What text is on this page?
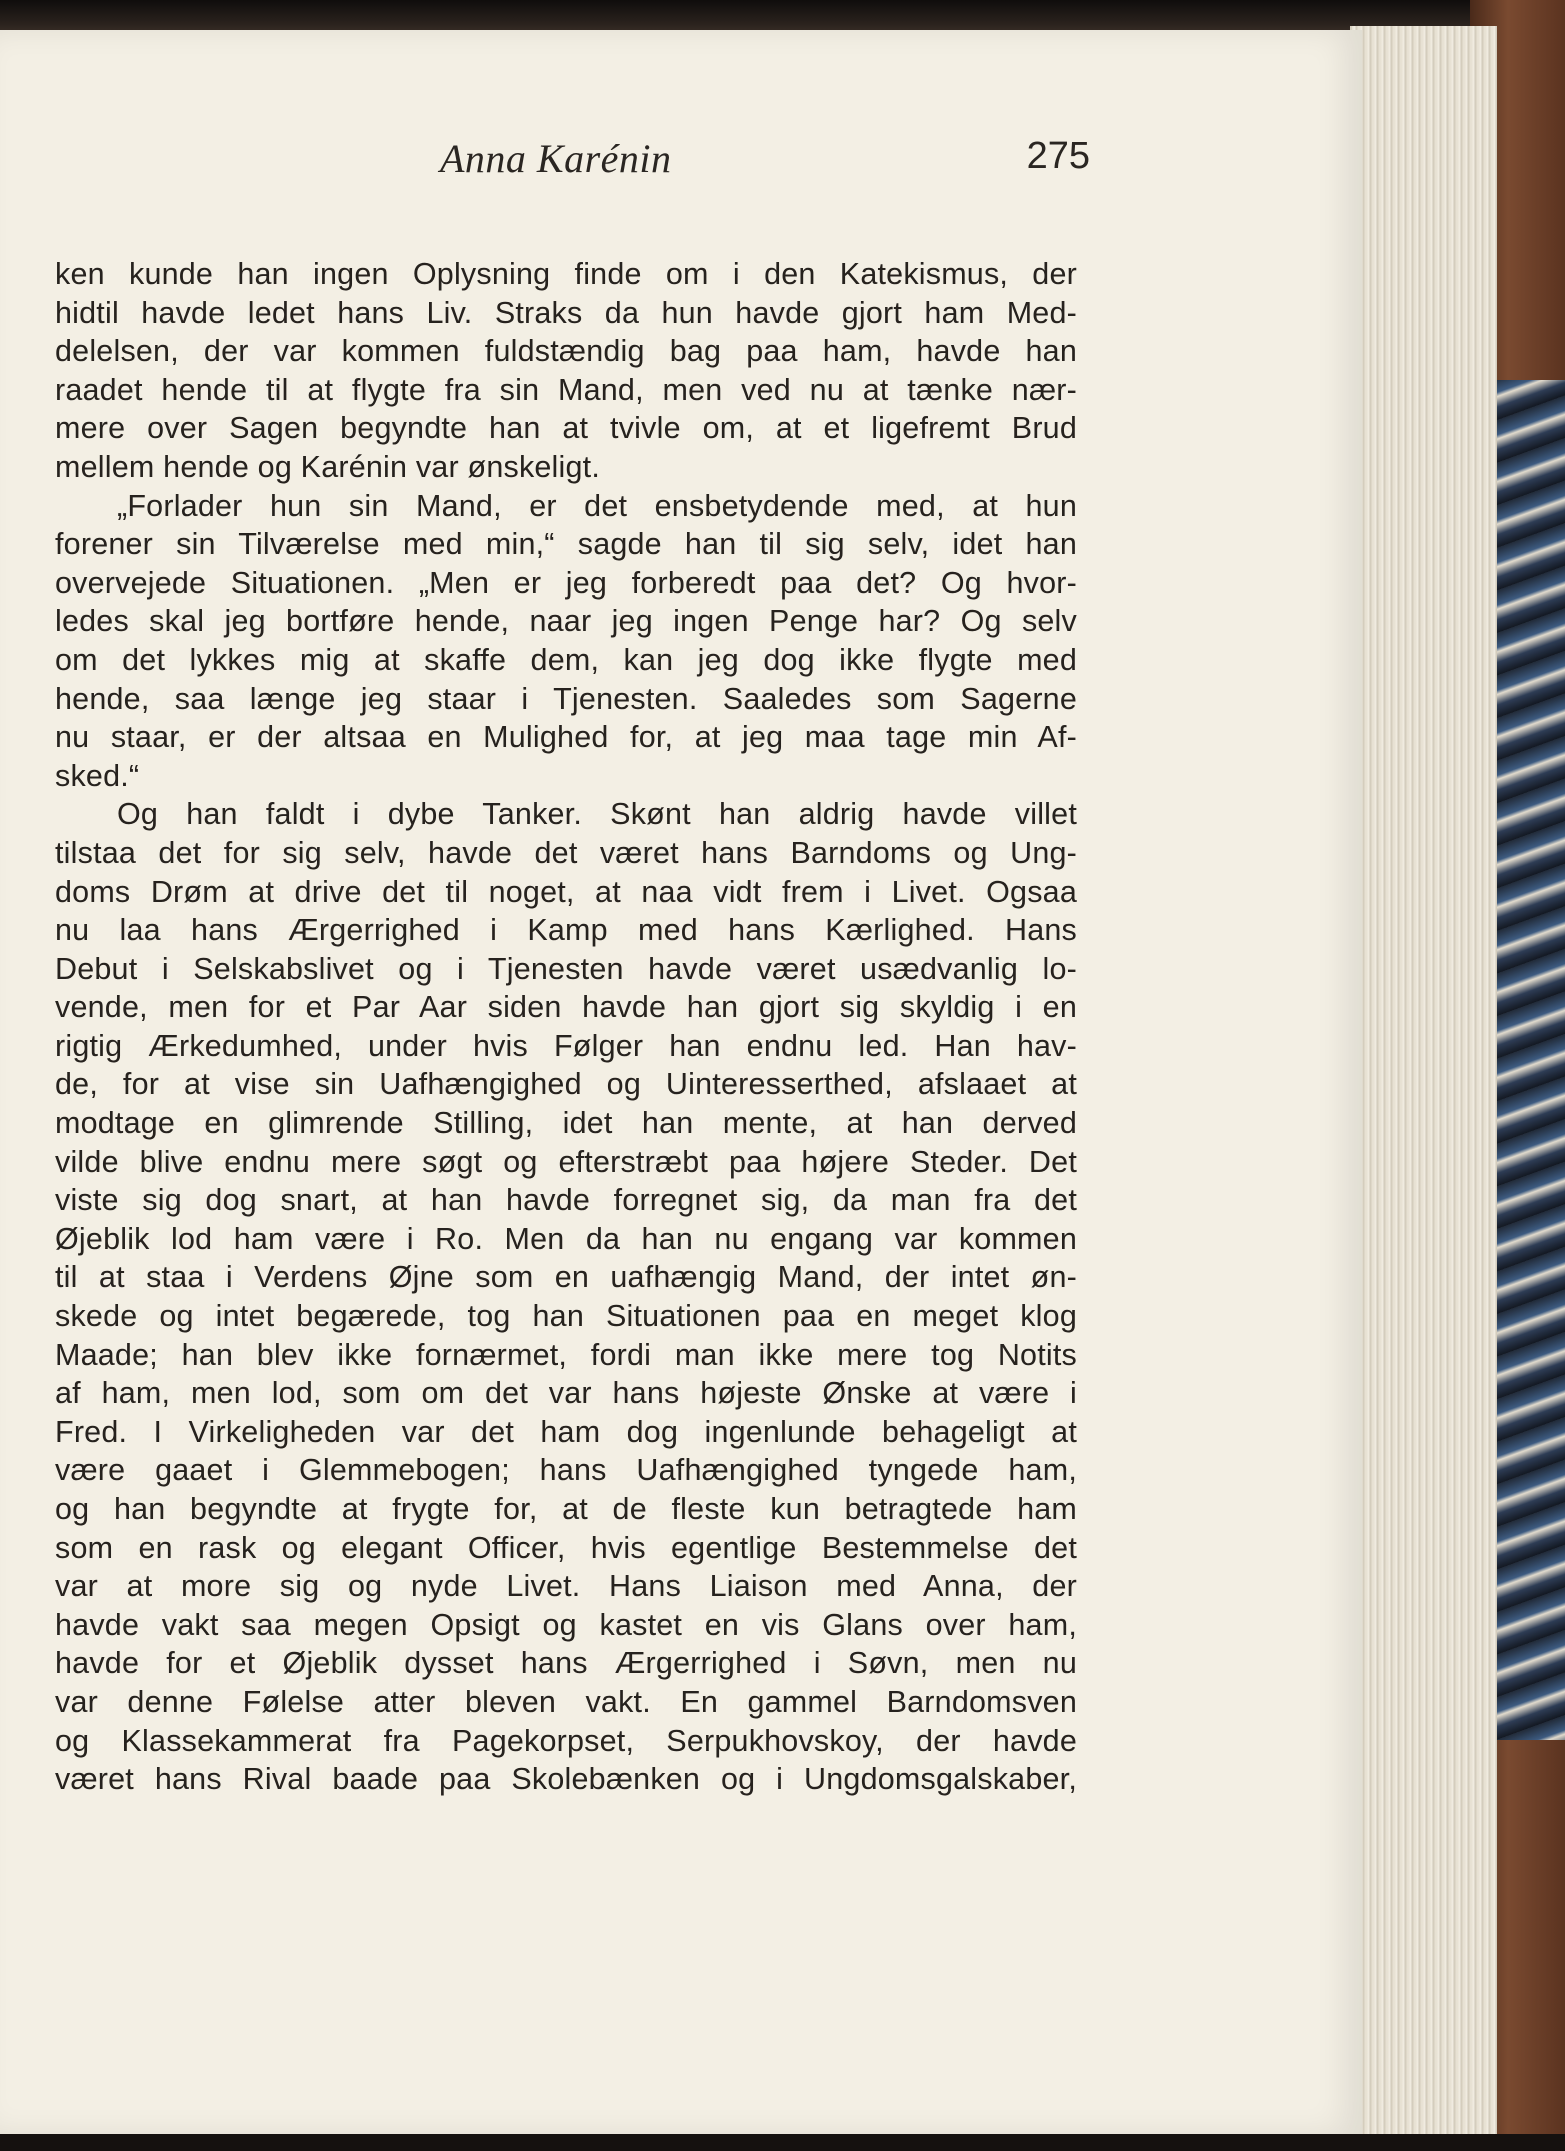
Anna Karénin	275
ken kunde han ingen Oplysning finde om i den Katekismus, der
hidtil havde ledet hans Liv. Straks da hun havde gjort ham Med-
delelsen, der var kommen fuldstændig bag paa ham, havde han
raadet hende til at flygte fra sin Mand, men ved nu at tænke nær-
mere over Sagen begyndte han at tvivle om, at et ligefremt Brud
mellem hende og Karénin var ønskeligt.
„Forlader hun sin Mand, er det ensbetydende med, at hun
forener sin Tilværelse med min,“ sagde han til sig selv, idet han
overvejede Situationen. „Men er jeg forberedt paa det? Og hvor-
ledes skal jeg bortføre hende, naar jeg ingen Penge har? Og selv
om det lykkes mig at skaffe dem, kan jeg dog ikke flygte med
hende, saa længe jeg staar i Tjenesten. Saaledes som Sagerne
nu staar, er der altsaa en Mulighed for, at jeg maa tage min Af-
sked.“
Og han faldt i dybe Tanker. Skønt han aldrig havde villet
tilstaa det for sig selv, havde det været hans Barndoms og Ung-
doms Drøm at drive det til noget, at naa vidt frem i Livet. Ogsaa
nu laa hans Ærgerrighed i Kamp med hans Kærlighed. Hans
Debut i Selskabslivet og i Tjenesten havde været usædvanlig lo-
vende, men for et Par Aar siden havde han gjort sig skyldig i en
rigtig Ærkedumhed, under hvis Følger han endnu led. Han hav-
de, for at vise sin Uafhængighed og Uinteresserthed, afslaaet at
modtage en glimrende Stilling, idet han mente, at han derved
vilde blive endnu mere søgt og efterstræbt paa højere Steder. Det
viste sig dog snart, at han havde forregnet sig, da man fra det
Øjeblik lod ham være i Ro. Men da han nu engang var kommen
til at staa i Verdens Øjne som en uafhængig Mand, der intet øn-
skede og intet begærede, tog han Situationen paa en meget klog
Maade; han blev ikke fornærmet, fordi man ikke mere tog Notits
af ham, men lod, som om det var hans højeste Ønske at være i
Fred. I Virkeligheden var det ham dog ingenlunde behageligt at
være gaaet i Glemmebogen; hans Uafhængighed tyngede ham,
og han begyndte at frygte for, at de fleste kun betragtede ham
som en rask og elegant Officer, hvis egentlige Bestemmelse det
var at more sig og nyde Livet. Hans Liaison med Anna, der
havde vakt saa megen Opsigt og kastet en vis Glans over ham,
havde for et Øjeblik dysset hans Ærgerrighed i Søvn, men nu
var denne Følelse atter bleven vakt. En gammel Barndomsven
og Klassekammerat fra Pagekorpset, Serpukhovskoy, der havde
været hans Rival baade paa Skolebænken og i Ungdomsgalskaber,
